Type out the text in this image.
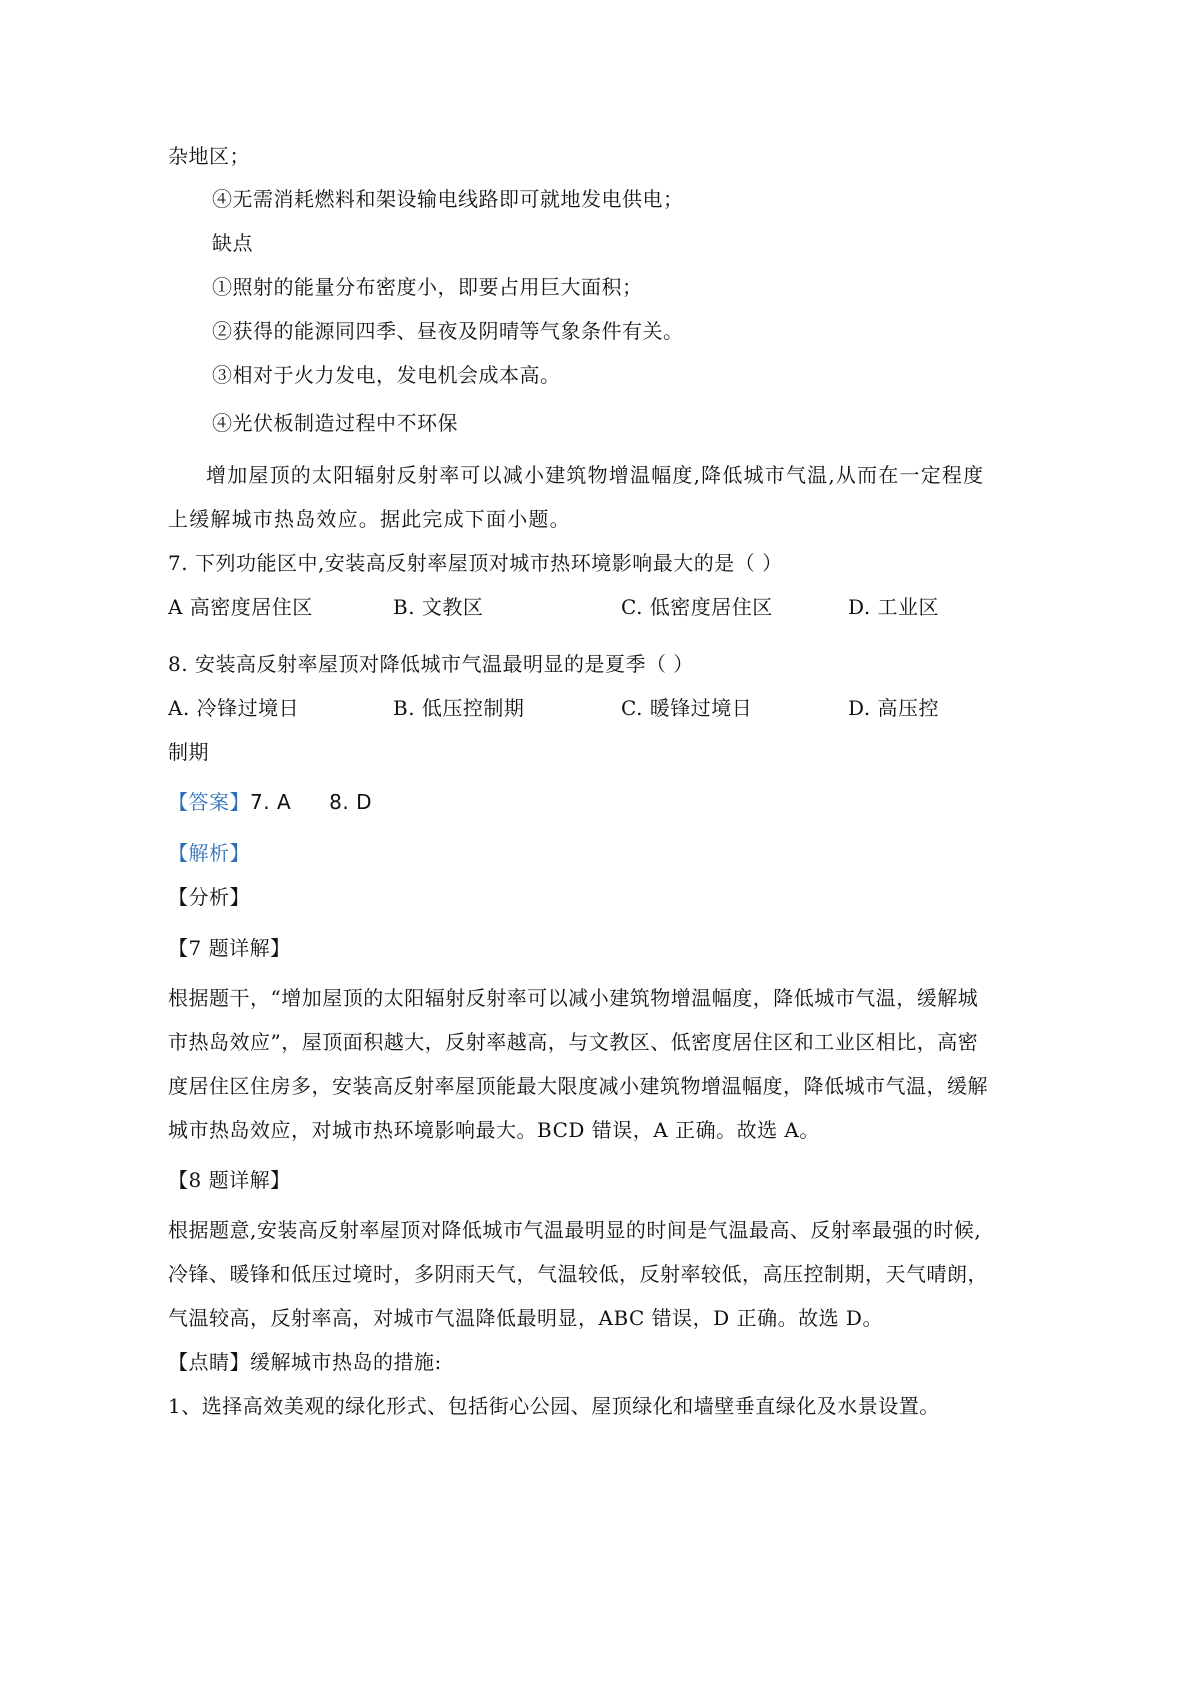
杂地区；
④无需消耗燃料和架设输电线路即可就地发电供电；
缺点
①照射的能量分布密度小，即要占用巨大面积；
②获得的能源同四季、昼夜及阴晴等气象条件有关。
③相对于火力发电，发电机会成本高。
④光伏板制造过程中不环保
增加屋顶的太阳辐射反射率可以减小建筑物增温幅度,降低城市气温,从而在一定程度
上缓解城市热岛效应。据此完成下面小题。
7. 下列功能区中,安装高反射率屋顶对城市热环境影响最大的是（ ）
A 高密度居住区	B. 文教区	C. 低密度居住区	D. 工业区
8. 安装高反射率屋顶对降低城市气温最明显的是夏季（ ）
A. 冷锋过境日	B. 低压控制期	C. 暖锋过境日	D. 高压控
制期
【答案】7. A 8. D
【解析】
【分析】
【7 题详解】
根据题干，“增加屋顶的太阳辐射反射率可以减小建筑物增温幅度，降低城市气温，缓解城
市热岛效应”，屋顶面积越大，反射率越高，与文教区、低密度居住区和工业区相比，高密
度居住区住房多，安装高反射率屋顶能最大限度减小建筑物增温幅度，降低城市气温，缓解
城市热岛效应，对城市热环境影响最大。BCD 错误，A 正确。故选 A。
【8 题详解】
根据题意,安装高反射率屋顶对降低城市气温最明显的时间是气温最高、反射率最强的时候,
冷锋、暖锋和低压过境时，多阴雨天气，气温较低，反射率较低，高压控制期，天气晴朗，
气温较高，反射率高，对城市气温降低最明显，ABC 错误，D 正确。故选 D。
【点睛】缓解城市热岛的措施:
1、选择高效美观的绿化形式、包括街心公园、屋顶绿化和墙壁垂直绿化及水景设置。
